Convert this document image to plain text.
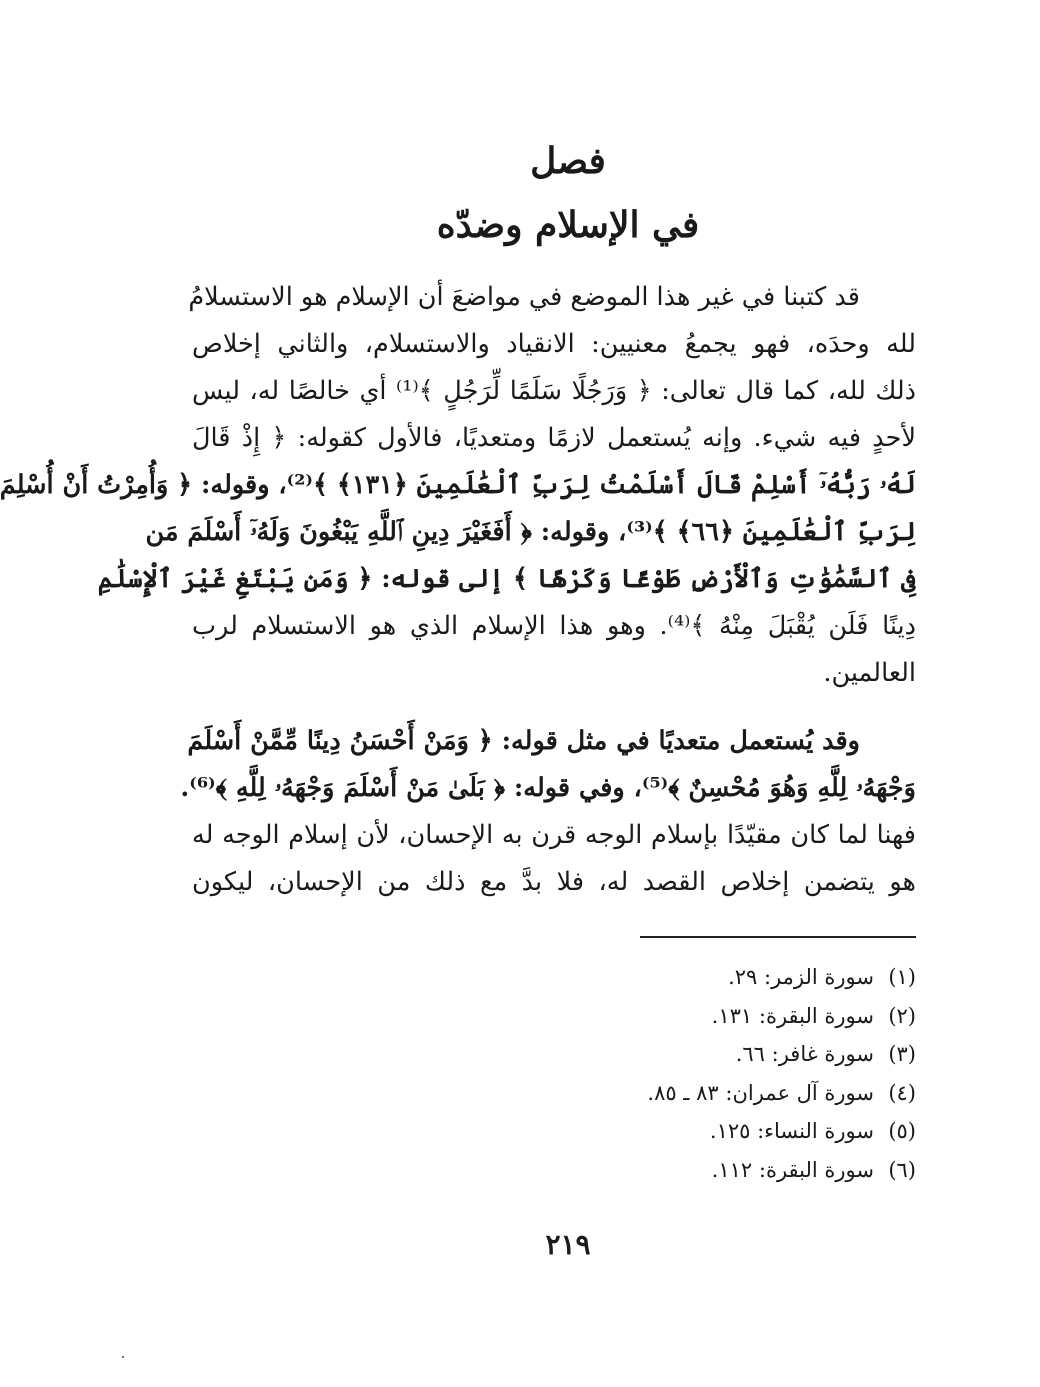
فصل
في الإسلام وضدّه
قد كتبنا في غير هذا الموضع في مواضعَ أن الإسلام هو الاستسلامُ
لله وحدَه، فهو يجمعُ معنيين: الانقياد والاستسلام، والثاني إخلاص
ذلك لله، كما قال تعالى: ﴿ وَرَجُلًا سَلَمًا لِّرَجُلٍ ﴾⁽¹⁾ أي خالصًا له، ليس
لأحدٍ فيه شيء. وإنه يُستعمل لازمًا ومتعديًا، فالأول كقوله: ﴿ إِذْ قَالَ
لَهُۥ رَبُّهُۥٓ أَسْلِمْ قَالَ أَسْلَمْتُ لِرَبِّ ٱلْعَٰلَمِينَ ﴿١٣١﴾ ﴾⁽²⁾، وقوله: ﴿ وَأُمِرْتُ أَنْ أُسْلِمَ
لِرَبِّ ٱلْعَٰلَمِينَ ﴿٦٦﴾ ﴾⁽³⁾، وقوله: ﴿ أَفَغَيْرَ دِينِ ٱللَّهِ يَبْغُونَ وَلَهُۥٓ أَسْلَمَ مَن
فِى ٱلسَّمَٰوَٰتِ وَٱلْأَرْضِ طَوْعًا وَكَرْهًا ﴾ إلى قوله: ﴿ وَمَن يَبْتَغِ غَيْرَ ٱلْإِسْلَٰمِ
دِينًا فَلَن يُقْبَلَ مِنْهُ ﴾⁽⁴⁾. وهو هذا الإسلام الذي هو الاستسلام لرب
العالمين.
وقد يُستعمل متعديًا في مثل قوله: ﴿ وَمَنْ أَحْسَنُ دِينًا مِّمَّنْ أَسْلَمَ
وَجْهَهُۥ لِلَّهِ وَهُوَ مُحْسِنٌ ﴾⁽⁵⁾، وفي قوله: ﴿ بَلَىٰ مَنْ أَسْلَمَ وَجْهَهُۥ لِلَّهِ ﴾⁽⁶⁾.
فهنا لما كان مقيّدًا بإسلام الوجه قرن به الإحسان، لأن إسلام الوجه له
هو يتضمن إخلاص القصد له، فلا بدَّ مع ذلك من الإحسان، ليكون
(١)سورة الزمر: ٢٩.
(٢)سورة البقرة: ١٣١.
(٣)سورة غافر: ٦٦.
(٤)سورة آل عمران: ٨٣ ـ ٨٥.
(٥)سورة النساء: ١٢٥.
(٦)سورة البقرة: ١١٢.
٢١٩
